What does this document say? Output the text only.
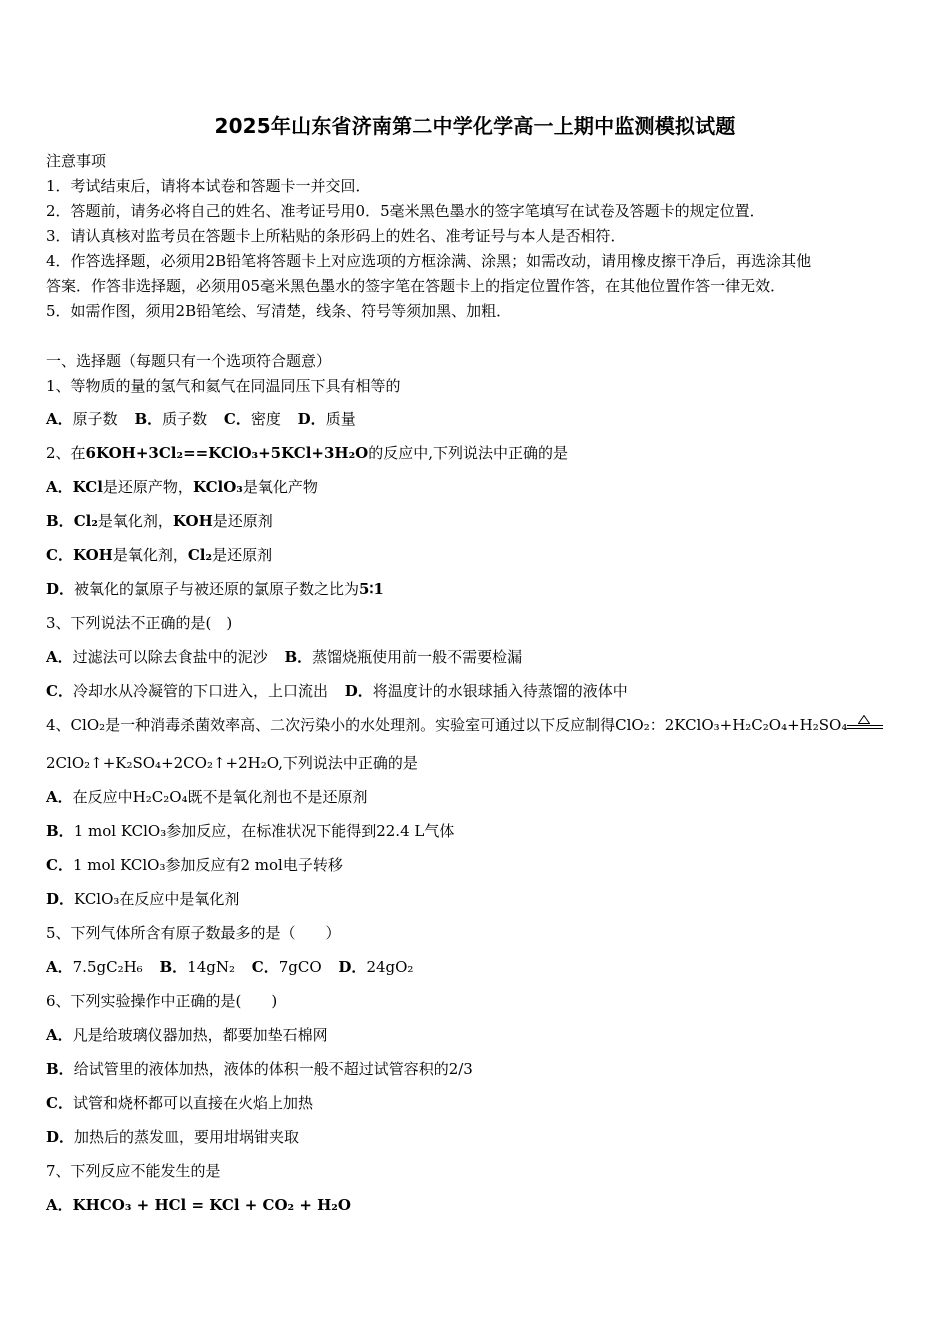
2025年山东省济南第二中学化学高一上期中监测模拟试题
注意事项
1．考试结束后，请将本试卷和答题卡一并交回．
2．答题前，请务必将自己的姓名、准考证号用0．5毫米黑色墨水的签字笔填写在试卷及答题卡的规定位置．
3．请认真核对监考员在答题卡上所粘贴的条形码上的姓名、准考证号与本人是否相符．
4．作答选择题，必须用2B铅笔将答题卡上对应选项的方框涂满、涂黑；如需改动，请用橡皮擦干净后，再选涂其他
答案．作答非选择题，必须用05毫米黑色墨水的签字笔在答题卡上的指定位置作答，在其他位置作答一律无效．
5．如需作图，须用2B铅笔绘、写清楚，线条、符号等须加黑、加粗．
一、选择题（每题只有一个选项符合题意）
1、等物质的量的氢气和氦气在同温同压下具有相等的
A．原子数 B．质子数 C．密度 D．质量
2、在6KOH+3Cl₂==KClO₃+5KCl+3H₂O的反应中,下列说法中正确的是
A．KCl是还原产物，KClO₃是氧化产物
B．Cl₂是氧化剂，KOH是还原剂
C．KOH是氧化剂，Cl₂是还原剂
D．被氧化的氯原子与被还原的氯原子数之比为5∶1
3、下列说法不正确的是(　)
A．过滤法可以除去食盐中的泥沙 B．蒸馏烧瓶使用前一般不需要检漏
C．冷却水从冷凝管的下口进入，上口流出 D．将温度计的水银球插入待蒸馏的液体中
4、ClO₂是一种消毒杀菌效率高、二次污染小的水处理剂。实验室可通过以下反应制得ClO₂：2KClO₃+H₂C₂O₄+H₂SO₄
2ClO₂↑+K₂SO₄+2CO₂↑+2H₂O,下列说法中正确的是
A．在反应中H₂C₂O₄既不是氧化剂也不是还原剂
B．1 mol KClO₃参加反应，在标准状况下能得到22.4 L气体
C．1 mol KClO₃参加反应有2 mol电子转移
D．KClO₃在反应中是氧化剂
5、下列气体所含有原子数最多的是（　　）
A．7.5gC₂H₆ B．14gN₂ C．7gCO D．24gO₂
6、下列实验操作中正确的是(　　)
A．凡是给玻璃仪器加热，都要加垫石棉网
B．给试管里的液体加热，液体的体积一般不超过试管容积的2/3
C．试管和烧杯都可以直接在火焰上加热
D．加热后的蒸发皿，要用坩埚钳夹取
7、下列反应不能发生的是
A．KHCO₃ + HCl = KCl + CO₂ + H₂O
